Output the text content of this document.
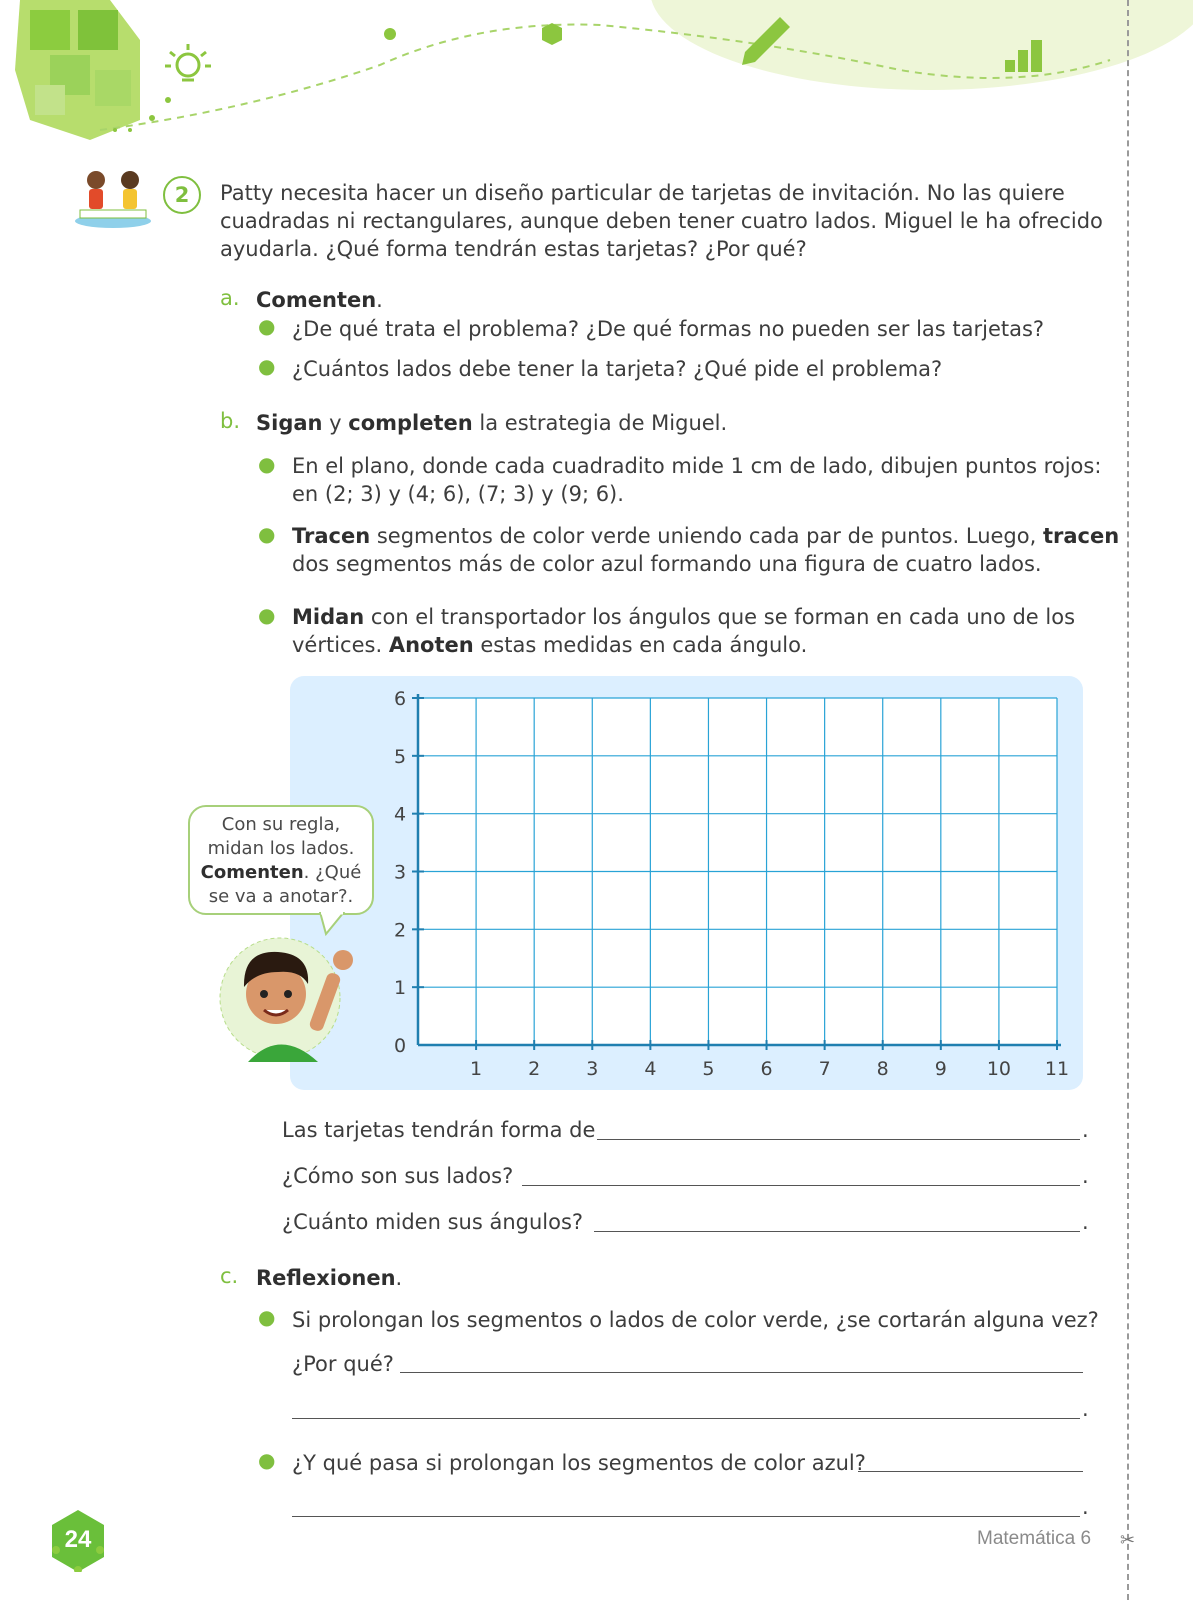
2	Patty necesita hacer un diseño particular de tarjetas de invitación. No las quiere
cuadradas ni rectangulares, aunque deben tener cuatro lados. Miguel le ha ofrecido
ayudarla. ¿Qué forma tendrán estas tarjetas? ¿Por qué?
a. Comenten.
● ¿De qué trata el problema? ¿De qué formas no pueden ser las tarjetas?
● ¿Cuántos lados debe tener la tarjeta? ¿Qué pide el problema?
b. Sigan y completen la estrategia de Miguel.
● En el plano, donde cada cuadradito mide 1 cm de lado, dibujen puntos rojos:
en (2; 3) y (4; 6), (7; 3) y (9; 6).
● Tracen segmentos de color verde uniendo cada par de puntos. Luego, tracen
dos segmentos más de color azul formando una figura de cuatro lados.
● Midan con el transportador los ángulos que se forman en cada uno de los
vértices. Anoten estas medidas en cada ángulo.
1 2 3 4 5 6 7 8 9 10 11
0
1
2
3
4
5
6
Con su regla,
midan los lados.
Comenten. ¿Qué
se va a anotar?.
Las tarjetas tendrán forma de	.
¿Cómo son sus lados?	.
¿Cuánto miden sus ángulos?	.
c. Reflexionen.
● Si prolongan los segmentos o lados de color verde, ¿se cortarán alguna vez?
¿Por qué?
.
● ¿Y qué pasa si prolongan los segmentos de color azul?
.
24	Matemática 6 ✂
